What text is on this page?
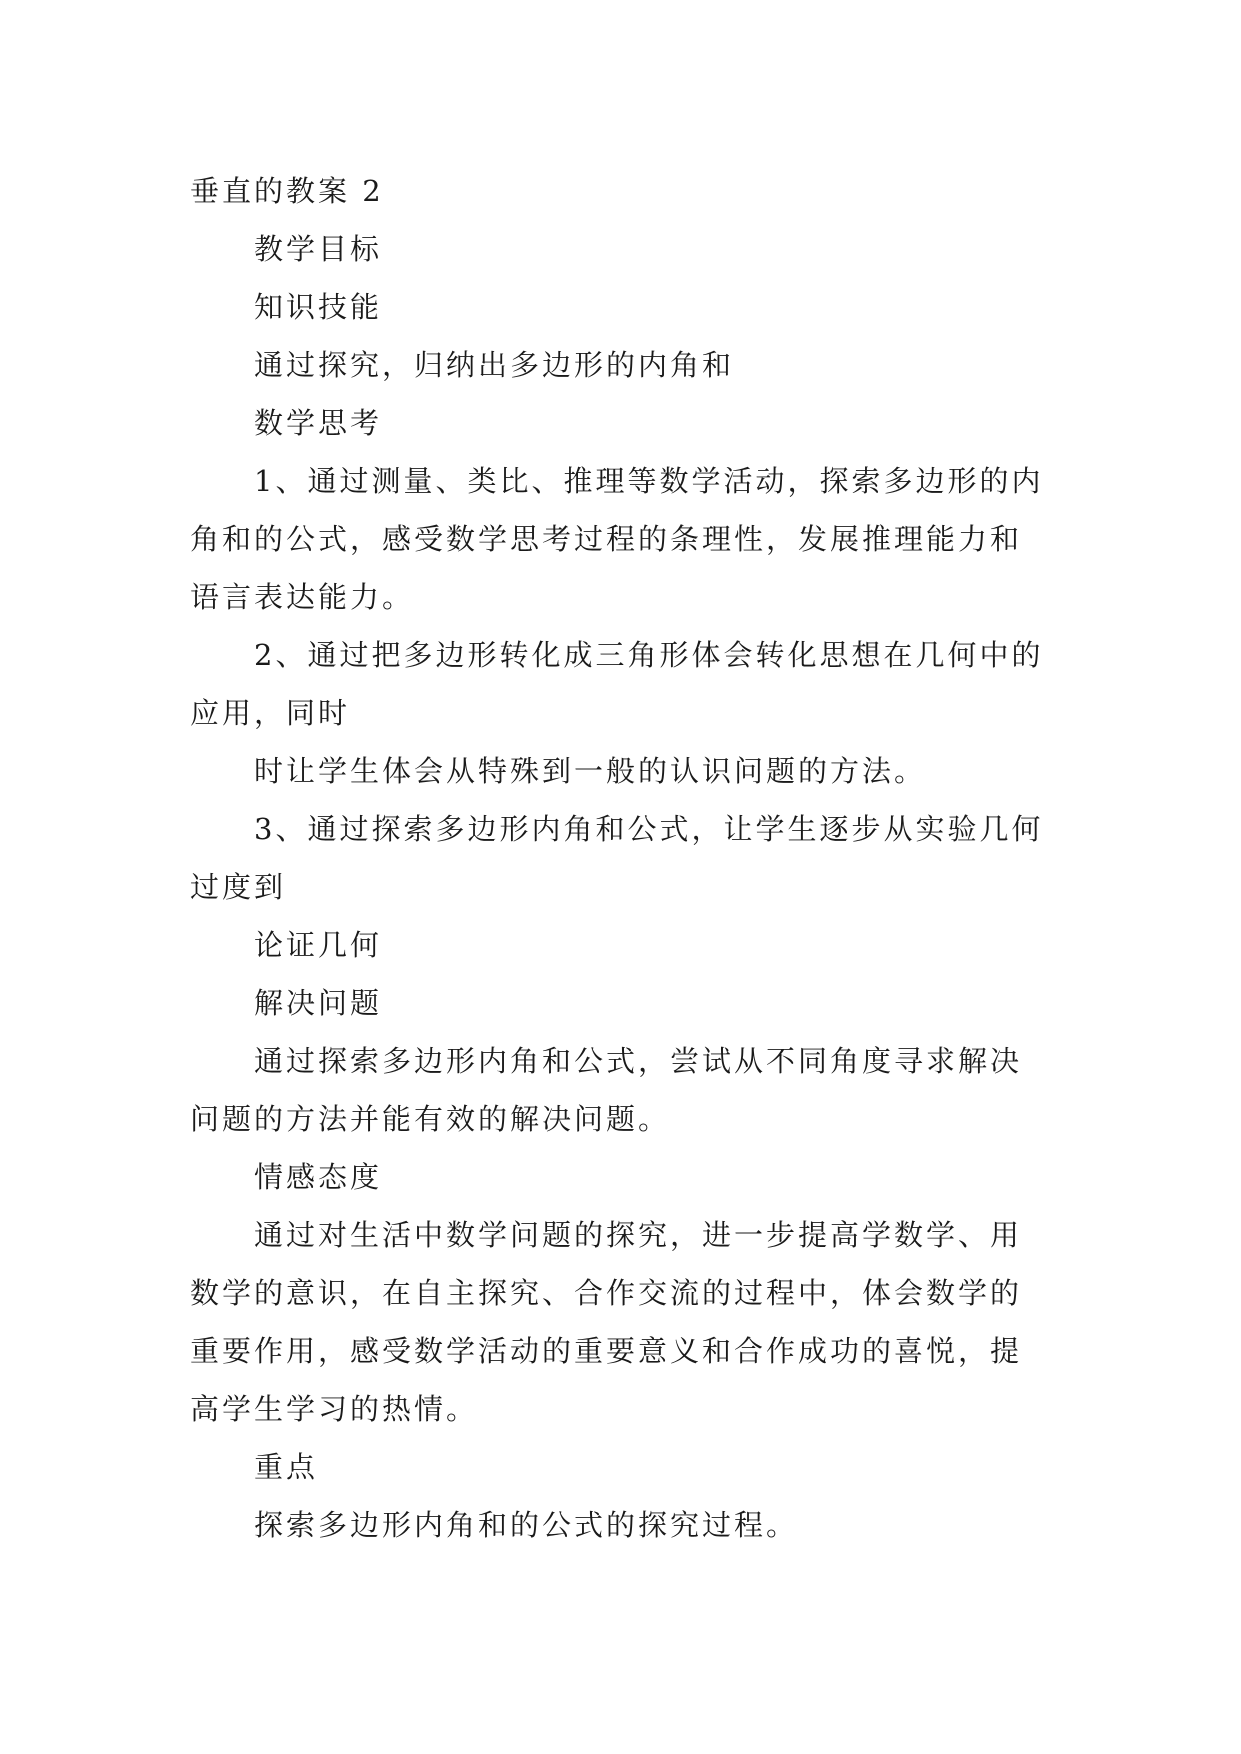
垂直的教案 2

教学目标

知识技能

通过探究，归纳出多边形的内角和

数学思考

1、通过测量、类比、推理等数学活动，探索多边形的内角和的公式，感受数学思考过程的条理性，发展推理能力和语言表达能力。

2、通过把多边形转化成三角形体会转化思想在几何中的应用，同时

时让学生体会从特殊到一般的认识问题的方法。

3、通过探索多边形内角和公式，让学生逐步从实验几何过度到

论证几何

解决问题

通过探索多边形内角和公式，尝试从不同角度寻求解决问题的方法并能有效的解决问题。

情感态度

通过对生活中数学问题的探究，进一步提高学数学、用数学的意识，在自主探究、合作交流的过程中，体会数学的重要作用，感受数学活动的重要意义和合作成功的喜悦，提高学生学习的热情。

重点

探索多边形内角和的公式的探究过程。
